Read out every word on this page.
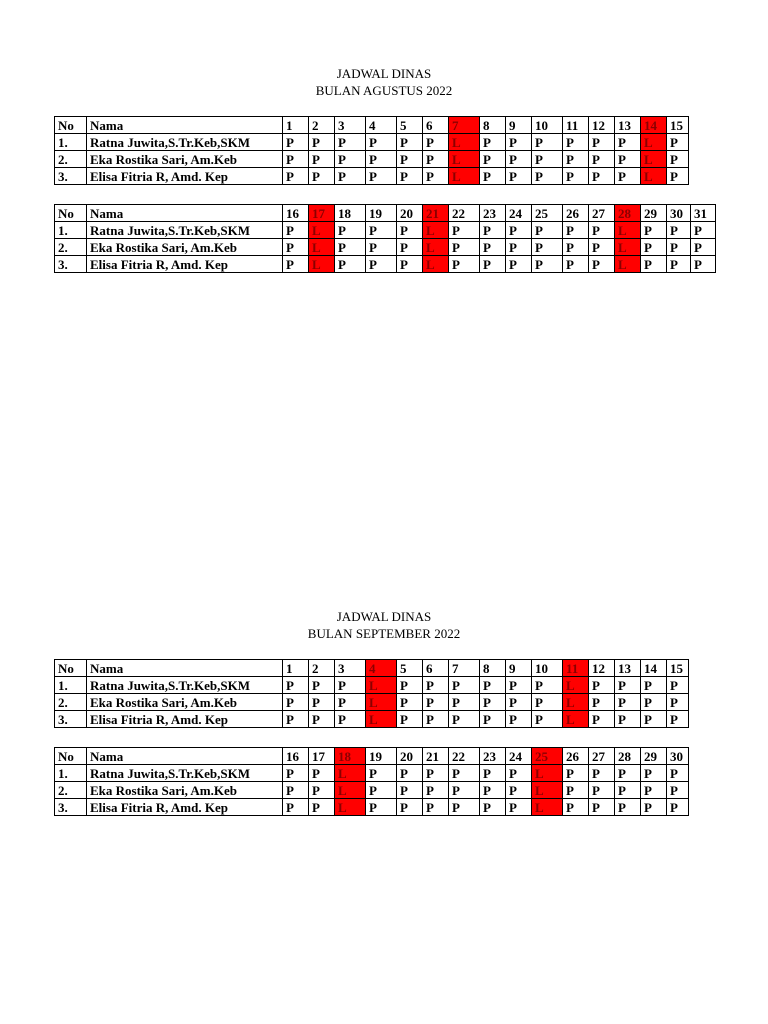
JADWAL DINAS
BULAN AGUSTUS 2022
No	Nama	1	2	3	4	5	6	7	8	9	10	11	12	13	14	15
1.	Ratna Juwita,S.Tr.Keb,SKM	P	P	P	P	P	P	L	P	P	P	P	P	P	L	P
2.	Eka Rostika Sari, Am.Keb	P	P	P	P	P	P	L	P	P	P	P	P	P	L	P
3.	Elisa Fitria R, Amd. Kep	P	P	P	P	P	P	L	P	P	P	P	P	P	L	P
No	Nama	16	17	18	19	20	21	22	23	24	25	26	27	28	29	30	31
1.	Ratna Juwita,S.Tr.Keb,SKM	P	L	P	P	P	L	P	P	P	P	P	P	L	P	P	P
2.	Eka Rostika Sari, Am.Keb	P	L	P	P	P	L	P	P	P	P	P	P	L	P	P	P
3.	Elisa Fitria R, Amd. Kep	P	L	P	P	P	L	P	P	P	P	P	P	L	P	P	P
JADWAL DINAS
BULAN SEPTEMBER 2022
No	Nama	1	2	3	4	5	6	7	8	9	10	11	12	13	14	15
1.	Ratna Juwita,S.Tr.Keb,SKM	P	P	P	L	P	P	P	P	P	P	L	P	P	P	P
2.	Eka Rostika Sari, Am.Keb	P	P	P	L	P	P	P	P	P	P	L	P	P	P	P
3.	Elisa Fitria R, Amd. Kep	P	P	P	L	P	P	P	P	P	P	L	P	P	P	P
No	Nama	16	17	18	19	20	21	22	23	24	25	26	27	28	29	30
1.	Ratna Juwita,S.Tr.Keb,SKM	P	P	L	P	P	P	P	P	P	L	P	P	P	P	P
2.	Eka Rostika Sari, Am.Keb	P	P	L	P	P	P	P	P	P	L	P	P	P	P	P
3.	Elisa Fitria R, Amd. Kep	P	P	L	P	P	P	P	P	P	L	P	P	P	P	P
